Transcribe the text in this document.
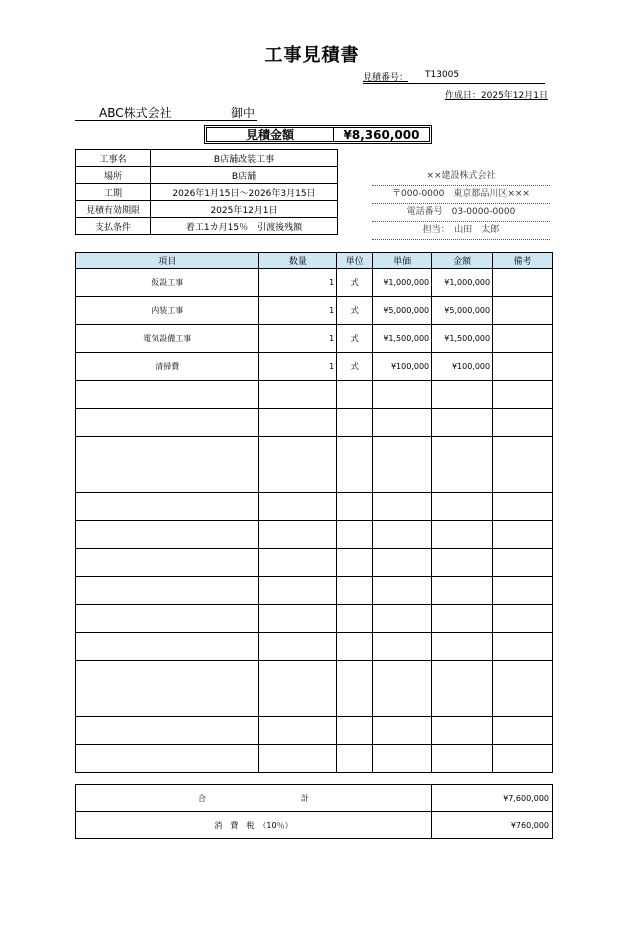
工事見積書
見積番号： T13005
作成日：2025年12月1日
ABC株式会社	御中
見積金額	¥8,360,000
工事名	B店舗改装工事
場所	B店舗
工期	2026年1月15日～2026年3月15日
見積有効期限	2025年12月1日
支払条件	着工1カ月15％　引渡後残額
××建設株式会社
〒000-0000　東京都品川区×××
電話番号　03-0000-0000
担当：　山田　太郎
項目	数量	単位	単価	金額	備考
仮設工事	1	式	¥1,000,000	¥1,000,000	
内装工事	1	式	¥5,000,000	¥5,000,000	
電気設備工事	1	式	¥1,500,000	¥1,500,000	
清掃費	1	式	¥100,000	¥100,000	

合 計	¥7,600,000
消　費　税　（10％）	¥760,000
